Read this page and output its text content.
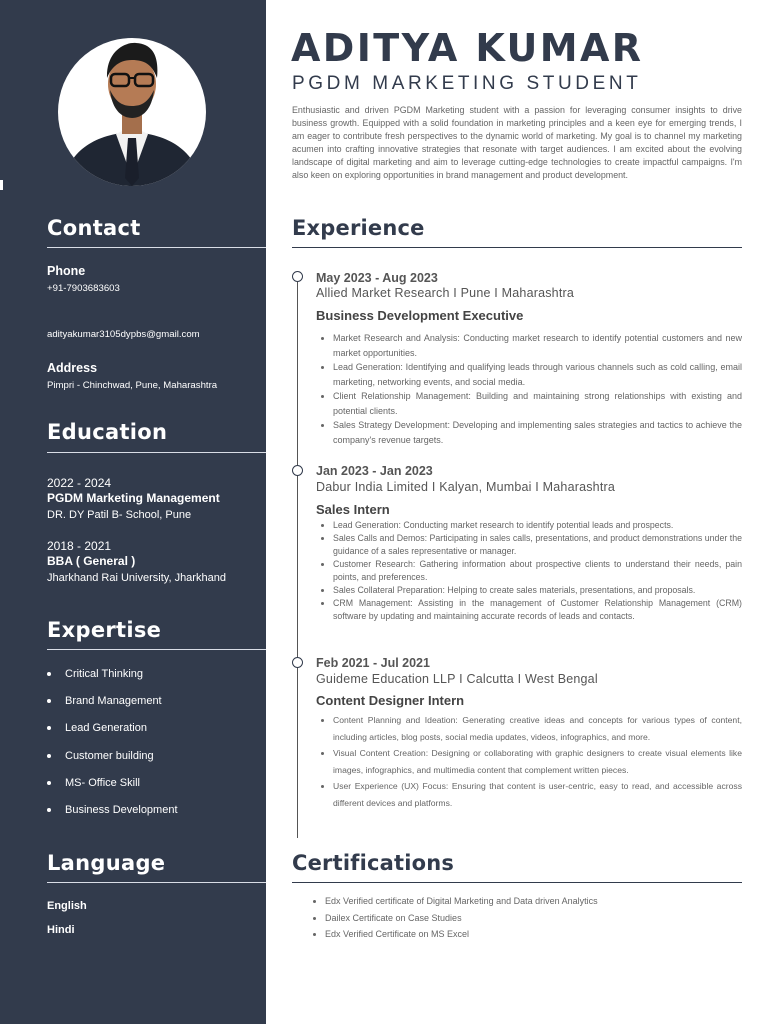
Contact
Phone
+91-7903683603
adityakumar3105dypbs@gmail.com
Address
Pimpri - Chinchwad, Pune, Maharashtra
Education
2022 - 2024
PGDM Marketing Management
DR. DY Patil B- School, Pune
2018 - 2021
BBA ( General )
Jharkhand Rai University, Jharkhand
Expertise
Critical Thinking
Brand Management
Lead Generation
Customer building
MS- Office Skill
Business Development
Language
English
Hindi
ADITYA KUMAR
PGDM MARKETING STUDENT

Enthusiastic and driven PGDM Marketing student with a passion for leveraging consumer insights to drive business growth. Equipped with a solid foundation in marketing principles and a keen eye for emerging trends, I am eager to contribute fresh perspectives to the dynamic world of marketing. My goal is to channel my marketing acumen into crafting innovative strategies that resonate with target audiences. I am excited about the evolving landscape of digital marketing and aim to leverage cutting-edge technologies to create impactful campaigns. I'm also keen on exploring opportunities in brand management and product development.

Experience
May 2023 - Aug 2023
Allied Market Research I Pune I Maharashtra
Business Development Executive
• Market Research and Analysis: Conducting market research to identify potential customers and new market opportunities.
• Lead Generation: Identifying and qualifying leads through various channels such as cold calling, email marketing, networking events, and social media.
• Client Relationship Management: Building and maintaining strong relationships with existing and potential clients.
• Sales Strategy Development: Developing and implementing sales strategies and tactics to achieve the company's revenue targets.
Jan 2023 - Jan 2023
Dabur India Limited I Kalyan, Mumbai I Maharashtra
Sales Intern
• Lead Generation: Conducting market research to identify potential leads and prospects.
• Sales Calls and Demos: Participating in sales calls, presentations, and product demonstrations under the guidance of a sales representative or manager.
• Customer Research: Gathering information about prospective clients to understand their needs, pain points, and preferences.
• Sales Collateral Preparation: Helping to create sales materials, presentations, and proposals.
• CRM Management: Assisting in the management of Customer Relationship Management (CRM) software by updating and maintaining accurate records of leads and contacts.
Feb 2021 - Jul 2021
Guideme Education LLP I Calcutta I West Bengal
Content Designer Intern
• Content Planning and Ideation: Generating creative ideas and concepts for various types of content, including articles, blog posts, social media updates, videos, infographics, and more.
• Visual Content Creation: Designing or collaborating with graphic designers to create visual elements like images, infographics, and multimedia content that complement written pieces.
• User Experience (UX) Focus: Ensuring that content is user-centric, easy to read, and accessible across different devices and platforms.
Certifications
• Edx Verified certificate of Digital Marketing and Data driven Analytics
• Dailex Certificate on Case Studies
• Edx Verified Certificate on MS Excel
